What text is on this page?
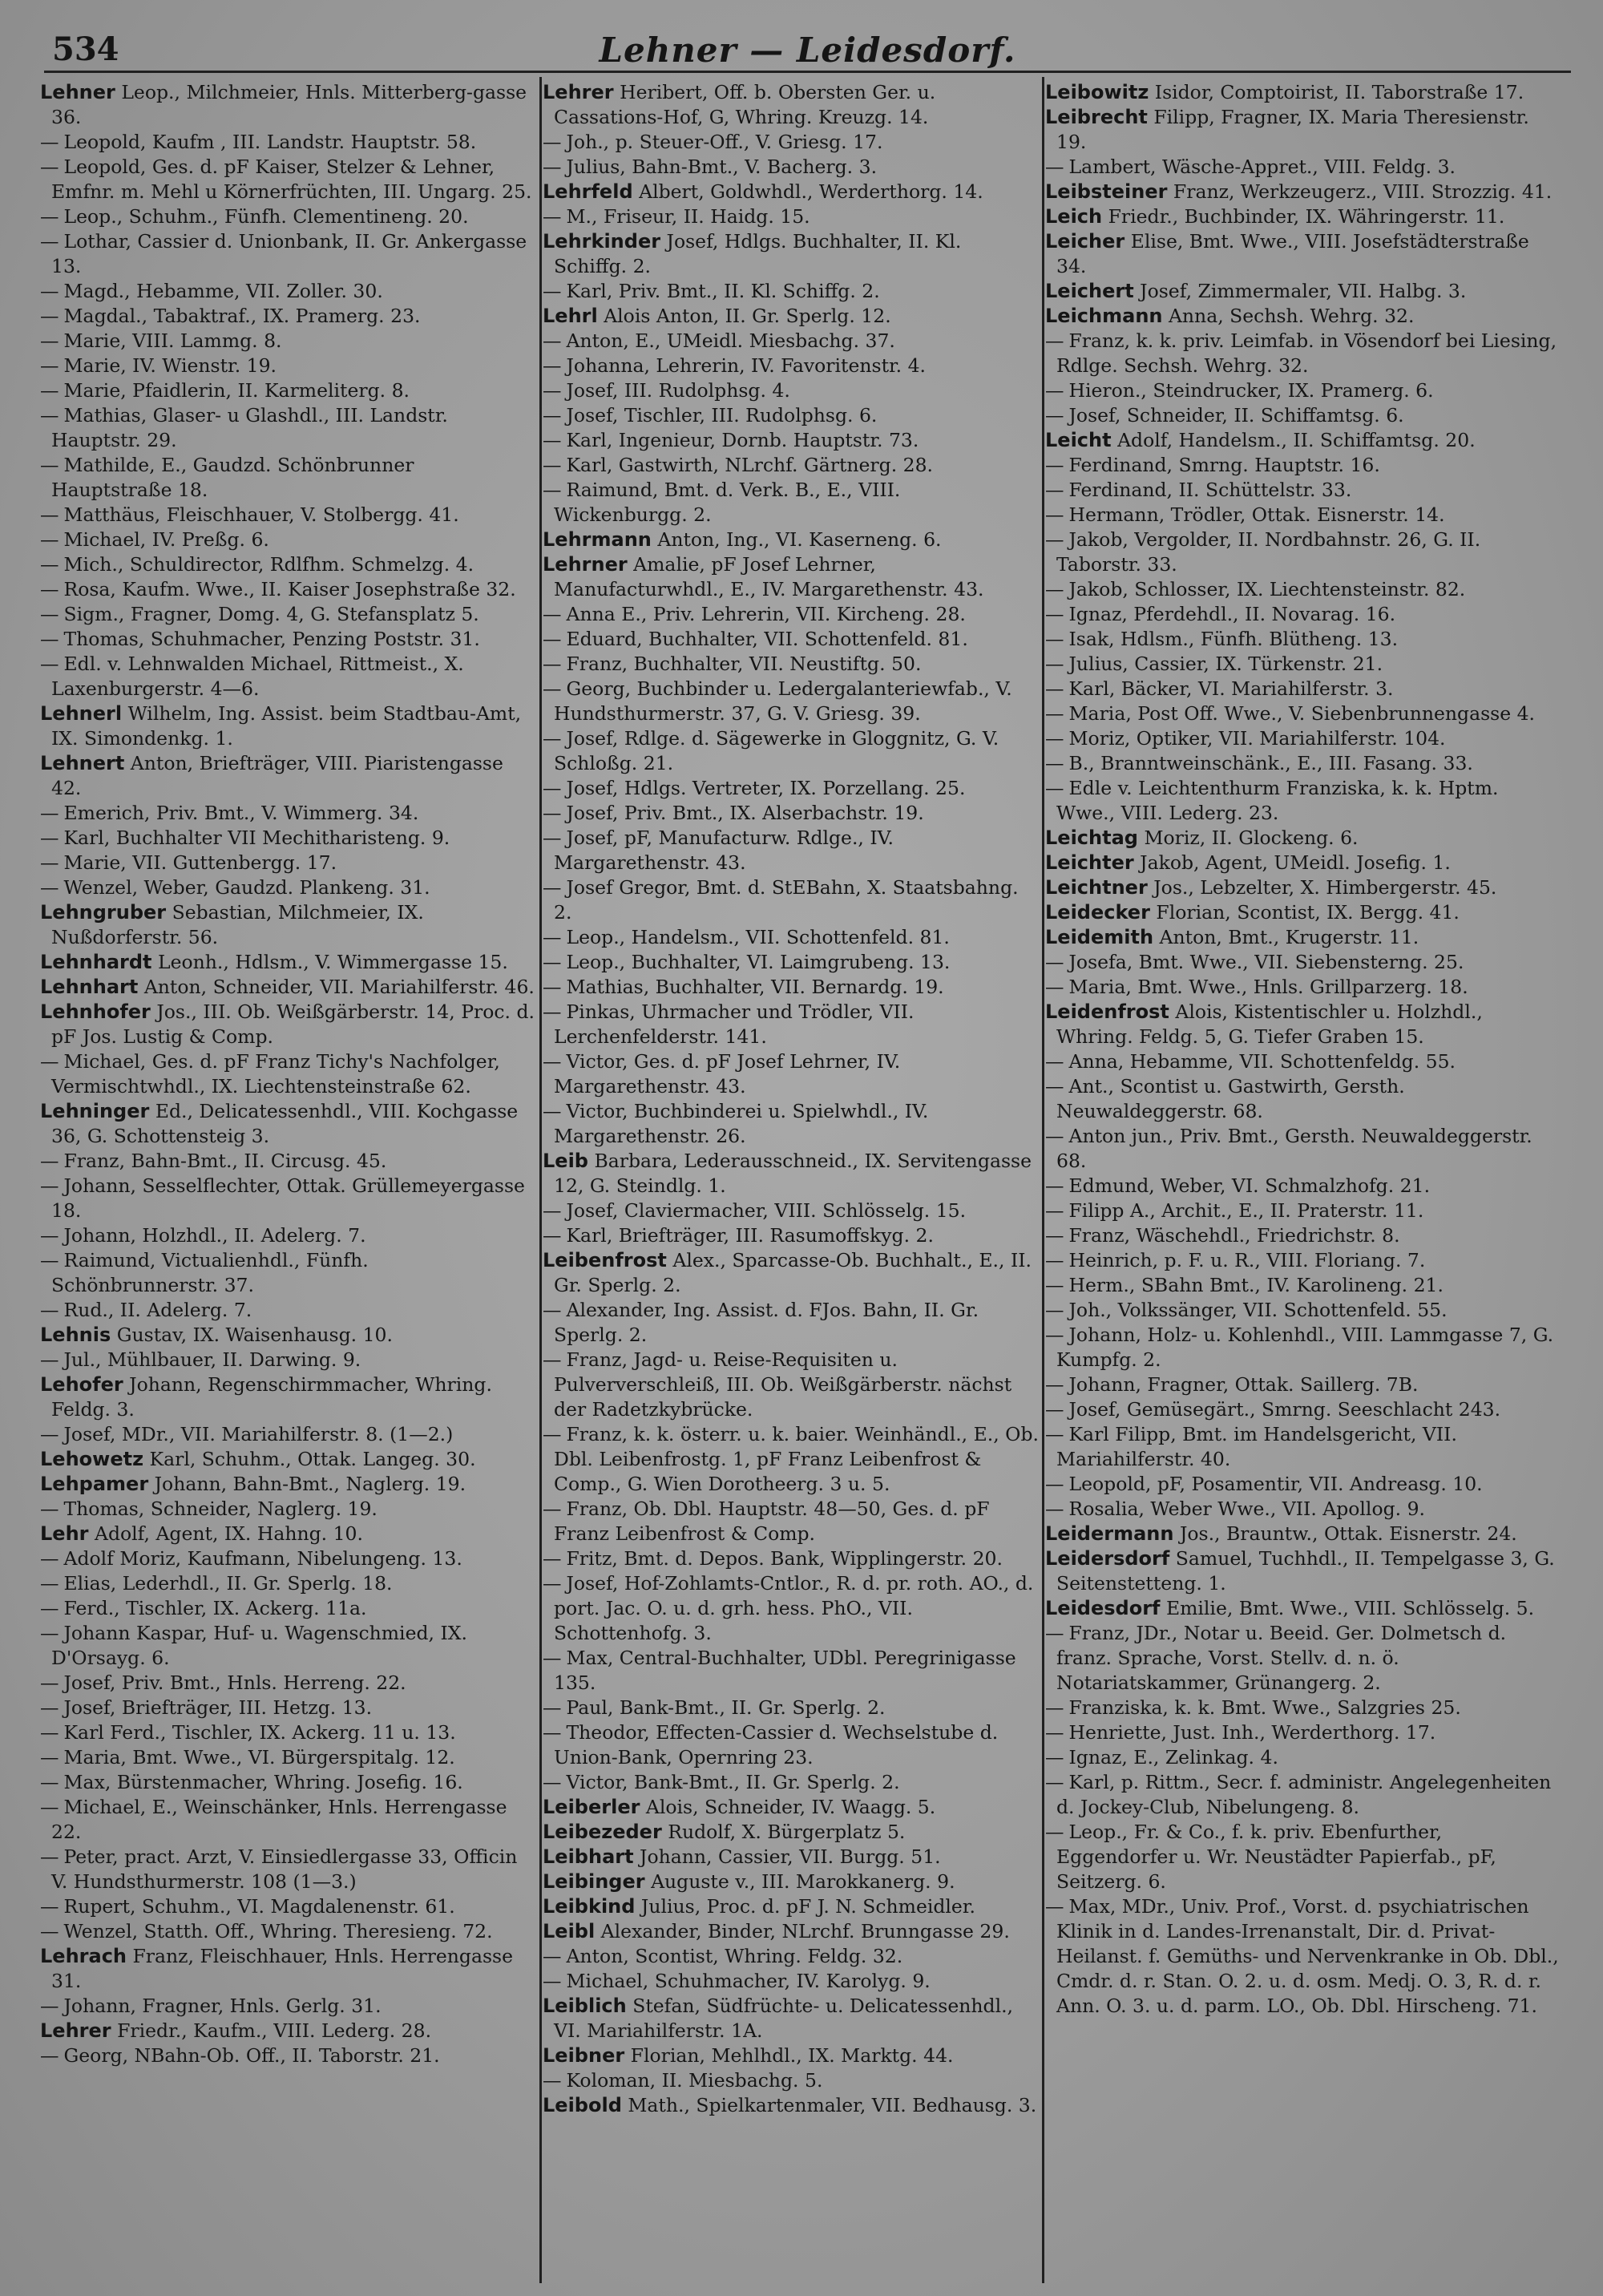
534	Lehner — Leidesdorf.
Lehner Leop., Milchmeier, Hnls. Mitterberg-gasse 36.
— Leopold, Kaufm , III. Landstr. Hauptstr. 58.
— Leopold, Ges. d. pF Kaiser, Stelzer & Lehner, Emfnr. m. Mehl u Körnerfrüchten, III. Ungarg. 25.
— Leop., Schuhm., Fünfh. Clementineng. 20.
— Lothar, Cassier d. Unionbank, II. Gr. Ankergasse 13.
— Magd., Hebamme, VII. Zoller. 30.
— Magdal., Tabaktraf., IX. Pramerg. 23.
— Marie, VIII. Lammg. 8.
— Marie, IV. Wienstr. 19.
— Marie, Pfaidlerin, II. Karmeliterg. 8.
— Mathias, Glaser- u Glashdl., III. Landstr. Hauptstr. 29.
— Mathilde, E., Gaudzd. Schönbrunner Hauptstraße 18.
— Matthäus, Fleischhauer, V. Stolbergg. 41.
— Michael, IV. Preßg. 6.
— Mich., Schuldirector, Rdlfhm. Schmelzg. 4.
— Rosa, Kaufm. Wwe., II. Kaiser Josephstraße 32.
— Sigm., Fragner, Domg. 4, G. Stefansplatz 5.
— Thomas, Schuhmacher, Penzing Poststr. 31.
— Edl. v. Lehnwalden Michael, Rittmeist., X. Laxenburgerstr. 4—6.
Lehnerl Wilhelm, Ing. Assist. beim Stadtbau-Amt, IX. Simondenkg. 1.
Lehnert Anton, Briefträger, VIII. Piaristengasse 42.
— Emerich, Priv. Bmt., V. Wimmerg. 34.
— Karl, Buchhalter VII Mechitharisteng. 9.
— Marie, VII. Guttenbergg. 17.
— Wenzel, Weber, Gaudzd. Plankeng. 31.
Lehngruber Sebastian, Milchmeier, IX. Nußdorferstr. 56.
Lehnhardt Leonh., Hdlsm., V. Wimmergasse 15.
Lehnhart Anton, Schneider, VII. Mariahilferstr. 46.
Lehnhofer Jos., III. Ob. Weißgärberstr. 14, Proc. d. pF Jos. Lustig & Comp.
— Michael, Ges. d. pF Franz Tichy's Nachfolger, Vermischtwhdl., IX. Liechtensteinstraße 62.
Lehninger Ed., Delicatessenhdl., VIII. Kochgasse 36, G. Schottensteig 3.
— Franz, Bahn-Bmt., II. Circusg. 45.
— Johann, Sesselflechter, Ottak. Grüllemeyergasse 18.
— Johann, Holzhdl., II. Adelerg. 7.
— Raimund, Victualienhdl., Fünfh. Schönbrunnerstr. 37.
— Rud., II. Adelerg. 7.
Lehnis Gustav, IX. Waisenhausg. 10.
— Jul., Mühlbauer, II. Darwing. 9.
Lehofer Johann, Regenschirmmacher, Whring. Feldg. 3.
— Josef, MDr., VII. Mariahilferstr. 8. (1—2.)
Lehowetz Karl, Schuhm., Ottak. Langeg. 30.
Lehpamer Johann, Bahn-Bmt., Naglerg. 19.
— Thomas, Schneider, Naglerg. 19.
Lehr Adolf, Agent, IX. Hahng. 10.
— Adolf Moriz, Kaufmann, Nibelungeng. 13.
— Elias, Lederhdl., II. Gr. Sperlg. 18.
— Ferd., Tischler, IX. Ackerg. 11a.
— Johann Kaspar, Huf- u. Wagenschmied, IX. D'Orsayg. 6.
— Josef, Priv. Bmt., Hnls. Herreng. 22.
— Josef, Briefträger, III. Hetzg. 13.
— Karl Ferd., Tischler, IX. Ackerg. 11 u. 13.
— Maria, Bmt. Wwe., VI. Bürgerspitalg. 12.
— Max, Bürstenmacher, Whring. Josefig. 16.
— Michael, E., Weinschänker, Hnls. Herrengasse 22.
— Peter, pract. Arzt, V. Einsiedlergasse 33, Officin V. Hundsthurmerstr. 108 (1—3.)
— Rupert, Schuhm., VI. Magdalenenstr. 61.
— Wenzel, Statth. Off., Whring. Theresieng. 72.
Lehrach Franz, Fleischhauer, Hnls. Herrengasse 31.
— Johann, Fragner, Hnls. Gerlg. 31.
Lehrer Friedr., Kaufm., VIII. Lederg. 28.
— Georg, NBahn-Ob. Off., II. Taborstr. 21.
Lehrer Heribert, Off. b. Obersten Ger. u. Cassations-Hof, G, Whring. Kreuzg. 14.
— Joh., p. Steuer-Off., V. Griesg. 17.
— Julius, Bahn-Bmt., V. Bacherg. 3.
Lehrfeld Albert, Goldwhdl., Werderthorg. 14.
— M., Friseur, II. Haidg. 15.
Lehrkinder Josef, Hdlgs. Buchhalter, II. Kl. Schiffg. 2.
— Karl, Priv. Bmt., II. Kl. Schiffg. 2.
Lehrl Alois Anton, II. Gr. Sperlg. 12.
— Anton, E., UMeidl. Miesbachg. 37.
— Johanna, Lehrerin, IV. Favoritenstr. 4.
— Josef, III. Rudolphsg. 4.
— Josef, Tischler, III. Rudolphsg. 6.
— Karl, Ingenieur, Dornb. Hauptstr. 73.
— Karl, Gastwirth, NLrchf. Gärtnerg. 28.
— Raimund, Bmt. d. Verk. B., E., VIII. Wickenburgg. 2.
Lehrmann Anton, Ing., VI. Kaserneng. 6.
Lehrner Amalie, pF Josef Lehrner, Manufacturwhdl., E., IV. Margarethenstr. 43.
— Anna E., Priv. Lehrerin, VII. Kircheng. 28.
— Eduard, Buchhalter, VII. Schottenfeld. 81.
— Franz, Buchhalter, VII. Neustiftg. 50.
— Georg, Buchbinder u. Ledergalanteriewfab., V. Hundsthurmerstr. 37, G. V. Griesg. 39.
— Josef, Rdlge. d. Sägewerke in Gloggnitz, G. V. Schloßg. 21.
— Josef, Hdlgs. Vertreter, IX. Porzellang. 25.
— Josef, Priv. Bmt., IX. Alserbachstr. 19.
— Josef, pF, Manufacturw. Rdlge., IV. Margarethenstr. 43.
— Josef Gregor, Bmt. d. StEBahn, X. Staatsbahng. 2.
— Leop., Handelsm., VII. Schottenfeld. 81.
— Leop., Buchhalter, VI. Laimgrubeng. 13.
— Mathias, Buchhalter, VII. Bernardg. 19.
— Pinkas, Uhrmacher und Trödler, VII. Lerchenfelderstr. 141.
— Victor, Ges. d. pF Josef Lehrner, IV. Margarethenstr. 43.
— Victor, Buchbinderei u. Spielwhdl., IV. Margarethenstr. 26.
Leib Barbara, Lederausschneid., IX. Servitengasse 12, G. Steindlg. 1.
— Josef, Claviermacher, VIII. Schlösselg. 15.
— Karl, Briefträger, III. Rasumoffskyg. 2.
Leibenfrost Alex., Sparcasse-Ob. Buchhalt., E., II. Gr. Sperlg. 2.
— Alexander, Ing. Assist. d. FJos. Bahn, II. Gr. Sperlg. 2.
— Franz, Jagd- u. Reise-Requisiten u. Pulververschleiß, III. Ob. Weißgärberstr. nächst der Radetzkybrücke.
— Franz, k. k. österr. u. k. baier. Weinhändl., E., Ob. Dbl. Leibenfrostg. 1, pF Franz Leibenfrost & Comp., G. Wien Dorotheerg. 3 u. 5.
— Franz, Ob. Dbl. Hauptstr. 48—50, Ges. d. pF Franz Leibenfrost & Comp.
— Fritz, Bmt. d. Depos. Bank, Wipplingerstr. 20.
— Josef, Hof-Zohlamts-Cntlor., R. d. pr. roth. AO., d. port. Jac. O. u. d. grh. hess. PhO., VII. Schottenhofg. 3.
— Max, Central-Buchhalter, UDbl. Peregrinigasse 135.
— Paul, Bank-Bmt., II. Gr. Sperlg. 2.
— Theodor, Effecten-Cassier d. Wechselstube d. Union-Bank, Opernring 23.
— Victor, Bank-Bmt., II. Gr. Sperlg. 2.
Leiberler Alois, Schneider, IV. Waagg. 5.
Leibezeder Rudolf, X. Bürgerplatz 5.
Leibhart Johann, Cassier, VII. Burgg. 51.
Leibinger Auguste v., III. Marokkanerg. 9.
Leibkind Julius, Proc. d. pF J. N. Schmeidler.
Leibl Alexander, Binder, NLrchf. Brunngasse 29.
— Anton, Scontist, Whring. Feldg. 32.
— Michael, Schuhmacher, IV. Karolyg. 9.
Leiblich Stefan, Südfrüchte- u. Delicatessenhdl., VI. Mariahilferstr. 1A.
Leibner Florian, Mehlhdl., IX. Marktg. 44.
— Koloman, II. Miesbachg. 5.
Leibold Math., Spielkartenmaler, VII. Bedhausg. 3.
Leibowitz Isidor, Comptoirist, II. Taborstraße 17.
Leibrecht Filipp, Fragner, IX. Maria Theresienstr. 19.
— Lambert, Wäsche-Appret., VIII. Feldg. 3.
Leibsteiner Franz, Werkzeugerz., VIII. Strozzig. 41.
Leich Friedr., Buchbinder, IX. Währingerstr. 11.
Leicher Elise, Bmt. Wwe., VIII. Josefstädterstraße 34.
Leichert Josef, Zimmermaler, VII. Halbg. 3.
Leichmann Anna, Sechsh. Wehrg. 32.
— Franz, k. k. priv. Leimfab. in Vösendorf bei Liesing, Rdlge. Sechsh. Wehrg. 32.
— Hieron., Steindrucker, IX. Pramerg. 6.
— Josef, Schneider, II. Schiffamtsg. 6.
Leicht Adolf, Handelsm., II. Schiffamtsg. 20.
— Ferdinand, Smrng. Hauptstr. 16.
— Ferdinand, II. Schüttelstr. 33.
— Hermann, Trödler, Ottak. Eisnerstr. 14.
— Jakob, Vergolder, II. Nordbahnstr. 26, G. II. Taborstr. 33.
— Jakob, Schlosser, IX. Liechtensteinstr. 82.
— Ignaz, Pferdehdl., II. Novarag. 16.
— Isak, Hdlsm., Fünfh. Blütheng. 13.
— Julius, Cassier, IX. Türkenstr. 21.
— Karl, Bäcker, VI. Mariahilferstr. 3.
— Maria, Post Off. Wwe., V. Siebenbrunnengasse 4.
— Moriz, Optiker, VII. Mariahilferstr. 104.
— B., Branntweinschänk., E., III. Fasang. 33.
— Edle v. Leichtenthurm Franziska, k. k. Hptm. Wwe., VIII. Lederg. 23.
Leichtag Moriz, II. Glockeng. 6.
Leichter Jakob, Agent, UMeidl. Josefig. 1.
Leichtner Jos., Lebzelter, X. Himbergerstr. 45.
Leidecker Florian, Scontist, IX. Bergg. 41.
Leidemith Anton, Bmt., Krugerstr. 11.
— Josefa, Bmt. Wwe., VII. Siebensterng. 25.
— Maria, Bmt. Wwe., Hnls. Grillparzerg. 18.
Leidenfrost Alois, Kistentischler u. Holzhdl., Whring. Feldg. 5, G. Tiefer Graben 15.
— Anna, Hebamme, VII. Schottenfeldg. 55.
— Ant., Scontist u. Gastwirth, Gersth. Neuwaldeggerstr. 68.
— Anton jun., Priv. Bmt., Gersth. Neuwaldeggerstr. 68.
— Edmund, Weber, VI. Schmalzhofg. 21.
— Filipp A., Archit., E., II. Praterstr. 11.
— Franz, Wäschehdl., Friedrichstr. 8.
— Heinrich, p. F. u. R., VIII. Floriang. 7.
— Herm., SBahn Bmt., IV. Karolineng. 21.
— Joh., Volkssänger, VII. Schottenfeld. 55.
— Johann, Holz- u. Kohlenhdl., VIII. Lammgasse 7, G. Kumpfg. 2.
— Johann, Fragner, Ottak. Saillerg. 7B.
— Josef, Gemüsegärt., Smrng. Seeschlacht 243.
— Karl Filipp, Bmt. im Handelsgericht, VII. Mariahilferstr. 40.
— Leopold, pF, Posamentir, VII. Andreasg. 10.
— Rosalia, Weber Wwe., VII. Apollog. 9.
Leidermann Jos., Brauntw., Ottak. Eisnerstr. 24.
Leidersdorf Samuel, Tuchhdl., II. Tempelgasse 3, G. Seitenstetteng. 1.
Leidesdorf Emilie, Bmt. Wwe., VIII. Schlösselg. 5.
— Franz, JDr., Notar u. Beeid. Ger. Dolmetsch d. franz. Sprache, Vorst. Stellv. d. n. ö. Notariatskammer, Grünangerg. 2.
— Franziska, k. k. Bmt. Wwe., Salzgries 25.
— Henriette, Just. Inh., Werderthorg. 17.
— Ignaz, E., Zelinkag. 4.
— Karl, p. Rittm., Secr. f. administr. Angelegenheiten d. Jockey-Club, Nibelungeng. 8.
— Leop., Fr. & Co., f. k. priv. Ebenfurther, Eggendorfer u. Wr. Neustädter Papierfab., pF, Seitzerg. 6.
— Max, MDr., Univ. Prof., Vorst. d. psychiatrischen Klinik in d. Landes-Irrenanstalt, Dir. d. Privat-Heilanst. f. Gemüths- und Nervenkranke in Ob. Dbl., Cmdr. d. r. Stan. O. 2. u. d. osm. Medj. O. 3, R. d. r. Ann. O. 3. u. d. parm. LO., Ob. Dbl. Hirscheng. 71.
